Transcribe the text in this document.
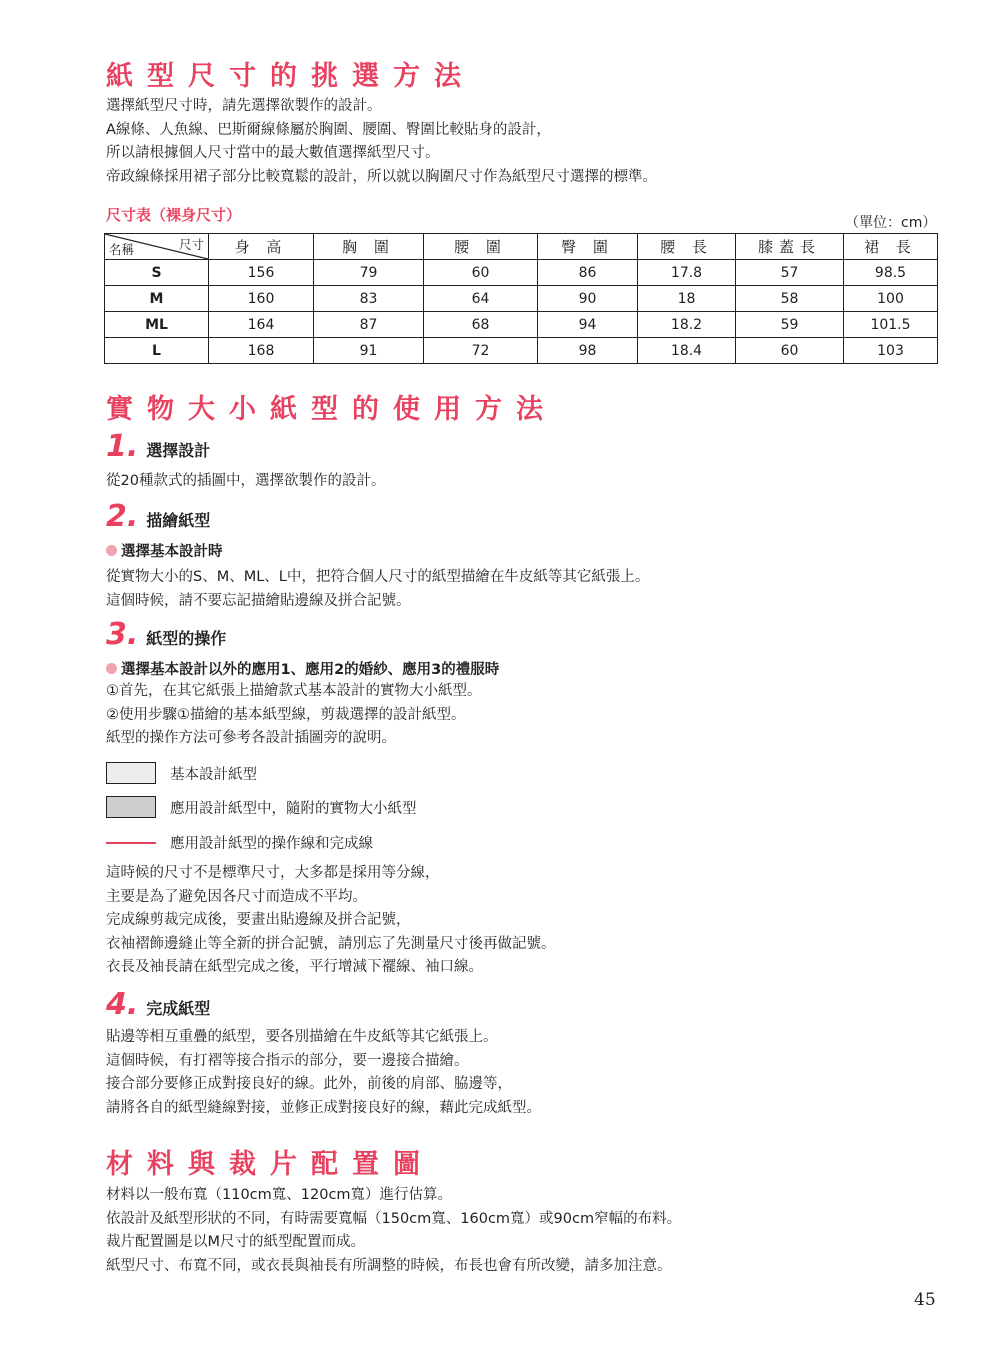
紙型尺寸的挑選方法

選擇紙型尺寸時，請先選擇欲製作的設計。

A線條、人魚線、巴斯爾線條屬於胸圍、腰圍、臀圍比較貼身的設計，

所以請根據個人尺寸當中的最大數值選擇紙型尺寸。

帝政線條採用裙子部分比較寬鬆的設計，所以就以胸圍尺寸作為紙型尺寸選擇的標準。

尺寸表（裸身尺寸）	（單位：cm）
尺寸
名稱	身 高	胸 圍	腰 圍	臀 圍	腰 長	膝蓋長	裙 長
S	156	79	60	86	17.8	57	98.5
M	160	83	64	90	18	58	100
ML	164	87	68	94	18.2	59	101.5
L	168	91	72	98	18.4	60	103
實物大小紙型的使用方法
1. 選擇設計

從20種款式的插圖中，選擇欲製作的設計。

2. 描繪紙型
選擇基本設計時

從實物大小的S、M、ML、L中，把符合個人尺寸的紙型描繪在牛皮紙等其它紙張上。

這個時候，請不要忘記描繪貼邊線及拼合記號。

3. 紙型的操作
選擇基本設計以外的應用1、應用2的婚紗、應用3的禮服時

①首先，在其它紙張上描繪款式基本設計的實物大小紙型。

②使用步驟①描繪的基本紙型線，剪裁選擇的設計紙型。

紙型的操作方法可參考各設計插圖旁的說明。

基本設計紙型
應用設計紙型中，隨附的實物大小紙型
應用設計紙型的操作線和完成線

這時候的尺寸不是標準尺寸，大多都是採用等分線，

主要是為了避免因各尺寸而造成不平均。

完成線剪裁完成後，要畫出貼邊線及拼合記號，

衣袖褶飾邊縫止等全新的拼合記號，請別忘了先測量尺寸後再做記號。

衣長及袖長請在紙型完成之後，平行增減下襬線、袖口線。

4. 完成紙型

貼邊等相互重疊的紙型，要各別描繪在牛皮紙等其它紙張上。

這個時候，有打褶等接合指示的部分，要一邊接合描繪。

接合部分要修正成對接良好的線。此外，前後的肩部、脇邊等，

請將各自的紙型縫線對接，並修正成對接良好的線，藉此完成紙型。

材料與裁片配置圖

材料以一般布寬（110cm寬、120cm寬）進行估算。

依設計及紙型形狀的不同，有時需要寬幅（150cm寬、160cm寬）或90cm窄幅的布料。

裁片配置圖是以M尺寸的紙型配置而成。

紙型尺寸、布寬不同，或衣長與袖長有所調整的時候，布長也會有所改變，請多加注意。

45
